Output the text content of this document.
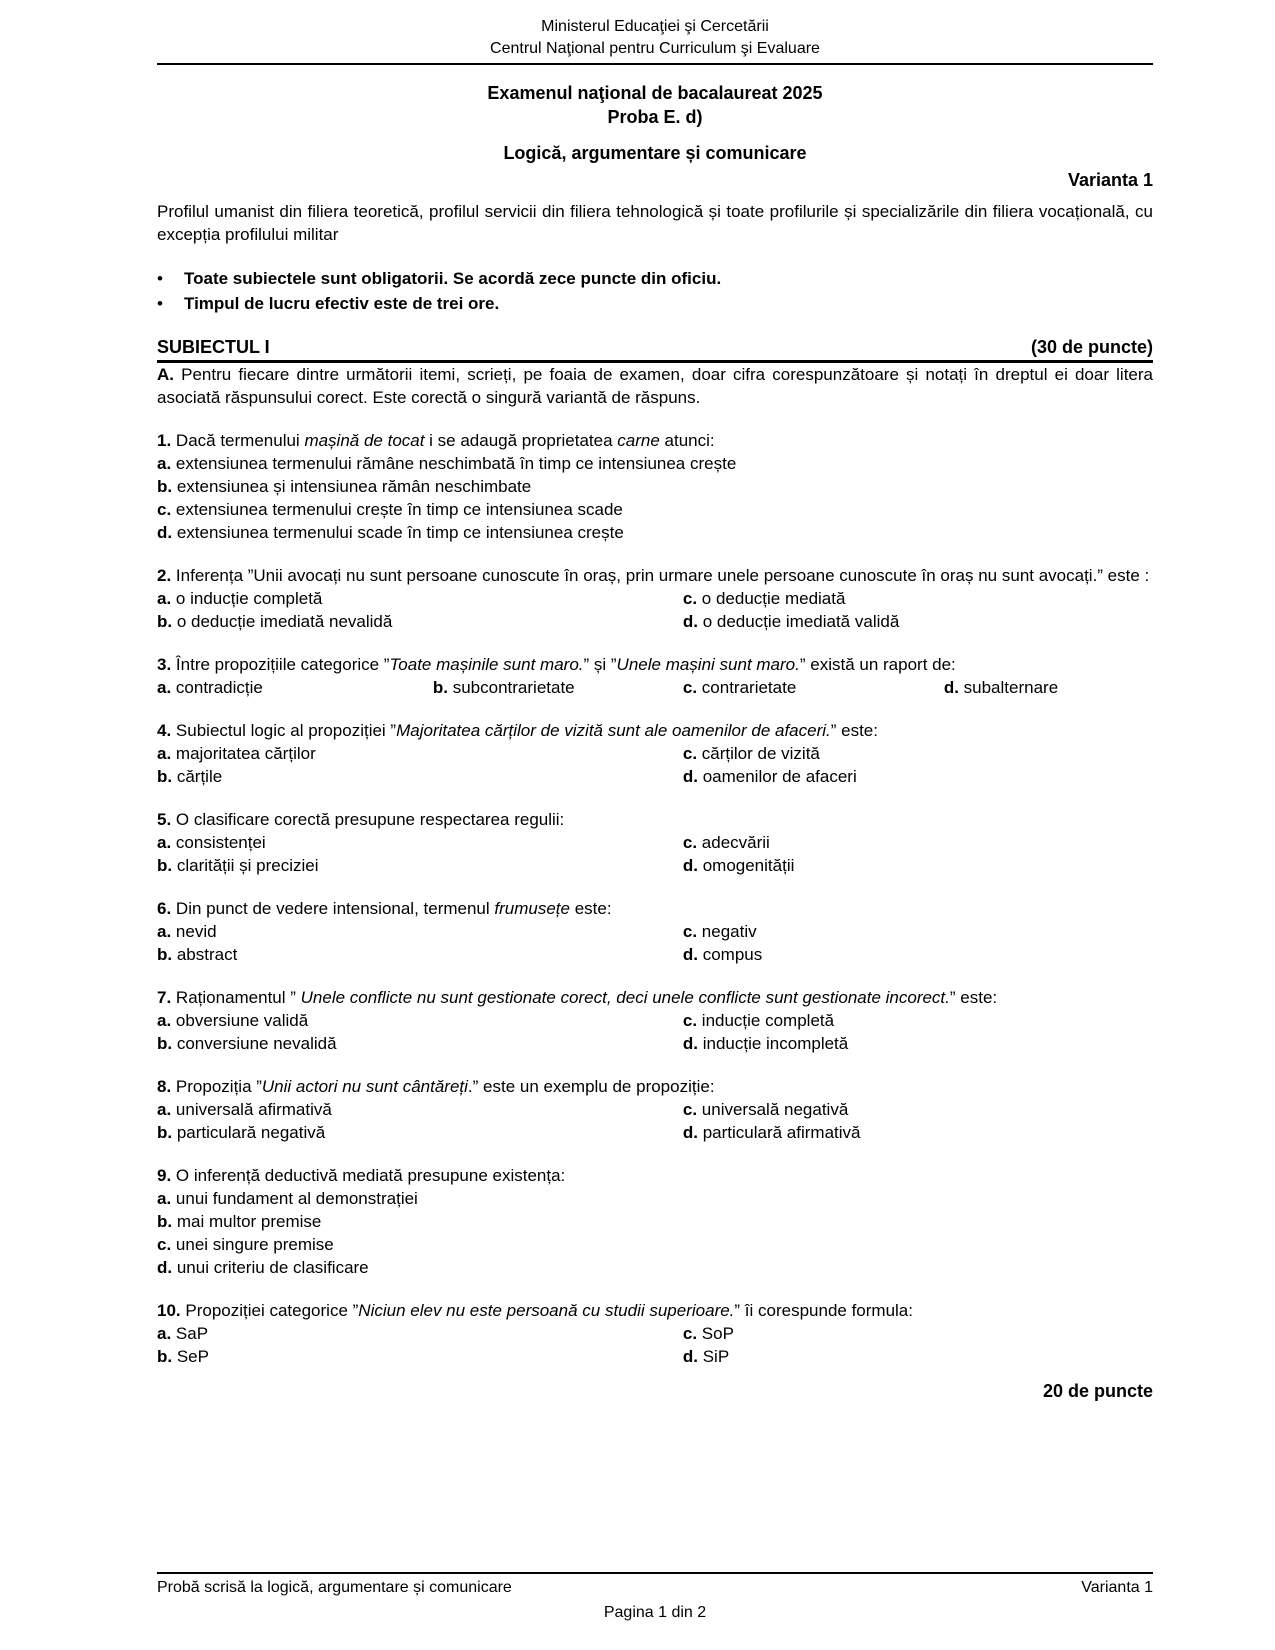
Ministerul Educaţiei şi Cercetării
Centrul Naţional pentru Curriculum şi Evaluare
Examenul naţional de bacalaureat 2025
Proba E. d)
Logică, argumentare și comunicare
Varianta 1

Profilul umanist din filiera teoretică, profilul servicii din filiera tehnologică și toate profilurile și specializările din filiera vocațională, cu excepția profilului militar

•	Toate subiectele sunt obligatorii. Se acordă zece puncte din oficiu.
•	Timpul de lucru efectiv este de trei ore.
SUBIECTUL I	(30 de puncte)

A. Pentru fiecare dintre următorii itemi, scrieți, pe foaia de examen, doar cifra corespunzătoare și notați în dreptul ei doar litera asociată răspunsului corect. Este corectă o singură variantă de răspuns.

1. Dacă termenului mașină de tocat i se adaugă proprietatea carne atunci:
a. extensiunea termenului rămâne neschimbată în timp ce intensiunea crește
b. extensiunea și intensiunea rămân neschimbate
c. extensiunea termenului crește în timp ce intensiunea scade
d. extensiunea termenului scade în timp ce intensiunea crește
2. Inferența ”Unii avocați nu sunt persoane cunoscute în oraș, prin urmare unele persoane cunoscute în oraș nu sunt avocați.” este :
a. o inducție completă
b. o deducție imediată nevalidă
c. o deducție mediată
d. o deducție imediată validă
3. Între propozițiile categorice ”Toate mașinile sunt maro.” și ”Unele mașini sunt maro.” există un raport de:
a. contradicție	b. subcontrarietate	c. contrarietate	d. subalternare
4. Subiectul logic al propoziției ”Majoritatea cărților de vizită sunt ale oamenilor de afaceri.” este:
a. majoritatea cărților
b. cărțile
c. cărților de vizită
d. oamenilor de afaceri
5. O clasificare corectă presupune respectarea regulii:
a. consistenței
b. clarității și preciziei
c. adecvării
d. omogenității
6. Din punct de vedere intensional, termenul frumusețe este:
a. nevid
b. abstract
c. negativ
d. compus
7. Raționamentul ” Unele conflicte nu sunt gestionate corect, deci unele conflicte sunt gestionate incorect.” este:
a. obversiune validă
b. conversiune nevalidă
c. inducție completă
d. inducție incompletă
8. Propoziția ”Unii actori nu sunt cântăreți.” este un exemplu de propoziție:
a. universală afirmativă
b. particulară negativă
c. universală negativă
d. particulară afirmativă
9. O inferență deductivă mediată presupune existența:
a. unui fundament al demonstrației
b. mai multor premise
c. unei singure premise
d. unui criteriu de clasificare
10. Propoziției categorice ”Niciun elev nu este persoană cu studii superioare.” îi corespunde formula:
a. SaP
b. SeP
c. SoP
d. SiP
20 de puncte
Probă scrisă la logică, argumentare și comunicare	Varianta 1
Pagina 1 din 2
